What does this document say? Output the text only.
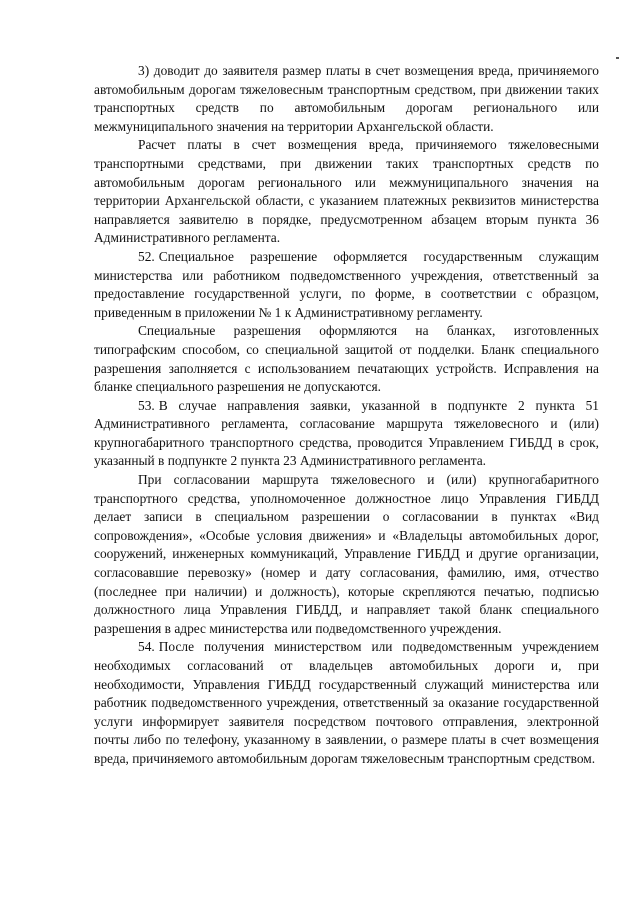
3) доводит до заявителя размер платы в счет возмещения вреда, причиняемого автомобильным дорогам тяжеловесным транспортным средством, при движении таких транспортных средств по автомобильным дорогам регионального или межмуниципального значения на территории Архангельской области.

Расчет платы в счет возмещения вреда, причиняемого тяжеловесными транспортными средствами, при движении таких транспортных средств по автомобильным дорогам регионального или межмуниципального значения на территории Архангельской области, с указанием платежных реквизитов министерства направляется заявителю в порядке, предусмотренном абзацем вторым пункта 36 Административного регламента.

52. Специальное разрешение оформляется государственным служащим министерства или работником подведомственного учреждения, ответственный за предоставление государственной услуги, по форме, в соответствии с образцом, приведенным в приложении № 1 к Административному регламенту.

Специальные разрешения оформляются на бланках, изготовленных типографским способом, со специальной защитой от подделки. Бланк специального разрешения заполняется с использованием печатающих устройств. Исправления на бланке специального разрешения не допускаются.

53. В случае направления заявки, указанной в подпункте 2 пункта 51 Административного регламента, согласование маршрута тяжеловесного и (или) крупногабаритного транспортного средства, проводится Управлением ГИБДД в срок, указанный в подпункте 2 пункта 23 Административного регламента.

При согласовании маршрута тяжеловесного и (или) крупногабаритного транспортного средства, уполномоченное должностное лицо Управления ГИБДД делает записи в специальном разрешении о согласовании в пунктах «Вид сопровождения», «Особые условия движения» и «Владельцы автомобильных дорог, сооружений, инженерных коммуникаций, Управление ГИБДД и другие организации, согласовавшие перевозку» (номер и дату согласования, фамилию, имя, отчество (последнее при наличии) и должность), которые скрепляются печатью, подписью должностного лица Управления ГИБДД, и направляет такой бланк специального разрешения в адрес министерства или подведомственного учреждения.

54. После получения министерством или подведомственным учреждением необходимых согласований от владельцев автомобильных дороги и, при необходимости, Управления ГИБДД государственный служащий министерства или работник подведомственного учреждения, ответственный за оказание государственной услуги информирует заявителя посредством почтового отправления, электронной почты либо по телефону, указанному в заявлении, о размере платы в счет возмещения вреда, причиняемого автомобильным дорогам тяжеловесным транспортным средством.
